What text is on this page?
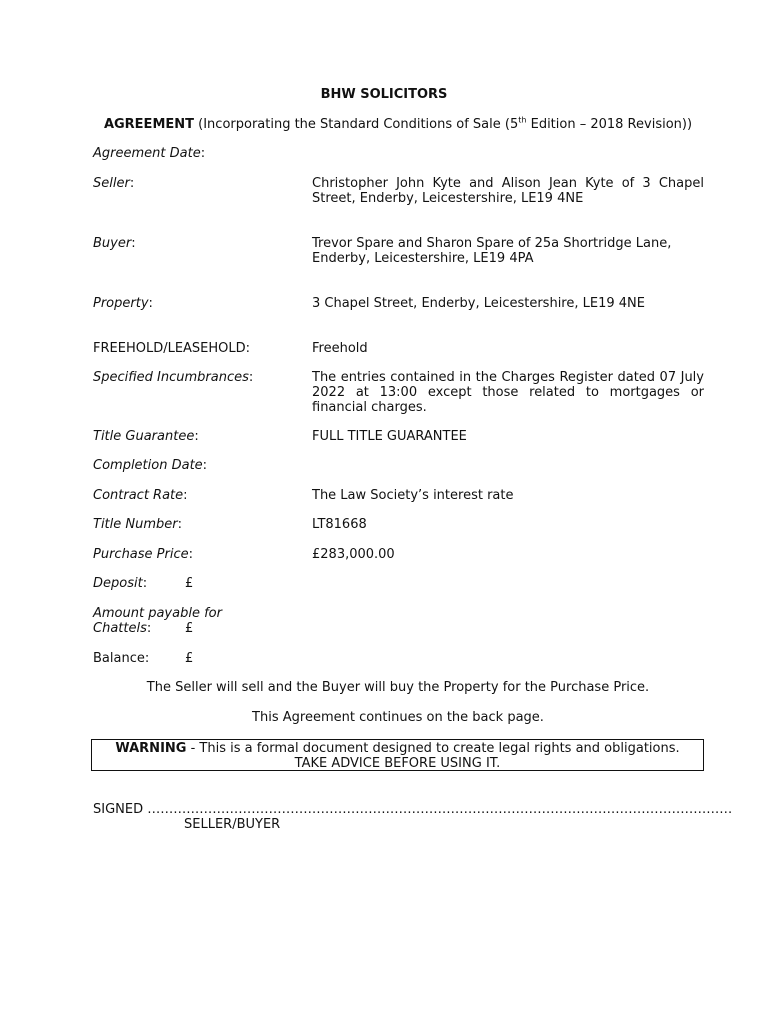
BHW SOLICITORS
AGREEMENT (Incorporating the Standard Conditions of Sale (5th Edition – 2018 Revision))
Agreement Date:
Seller:	Christopher John Kyte and Alison Jean Kyte of 3 Chapel Street, Enderby, Leicestershire, LE19 4NE
Buyer:	Trevor Spare and Sharon Spare of 25a Shortridge Lane, Enderby, Leicestershire, LE19 4PA
Property:	3 Chapel Street, Enderby, Leicestershire, LE19 4NE
FREEHOLD/LEASEHOLD:	Freehold
Specified Incumbrances:	The entries contained in the Charges Register dated 07 July 2022 at 13:00 except those related to mortgages or financial charges.
Title Guarantee:	FULL TITLE GUARANTEE
Completion Date:
Contract Rate:	The Law Society’s interest rate
Title Number:	LT81668
Purchase Price:	£283,000.00
Deposit:	£
Amount payable for
Chattels:	£
Balance:	£
The Seller will sell and the Buyer will buy the Property for the Purchase Price.
This Agreement continues on the back page.
WARNING - This is a formal document designed to create legal rights and obligations.
TAKE ADVICE BEFORE USING IT.
SIGNED ………………………………………………………………………………………………………………………
SELLER/BUYER
